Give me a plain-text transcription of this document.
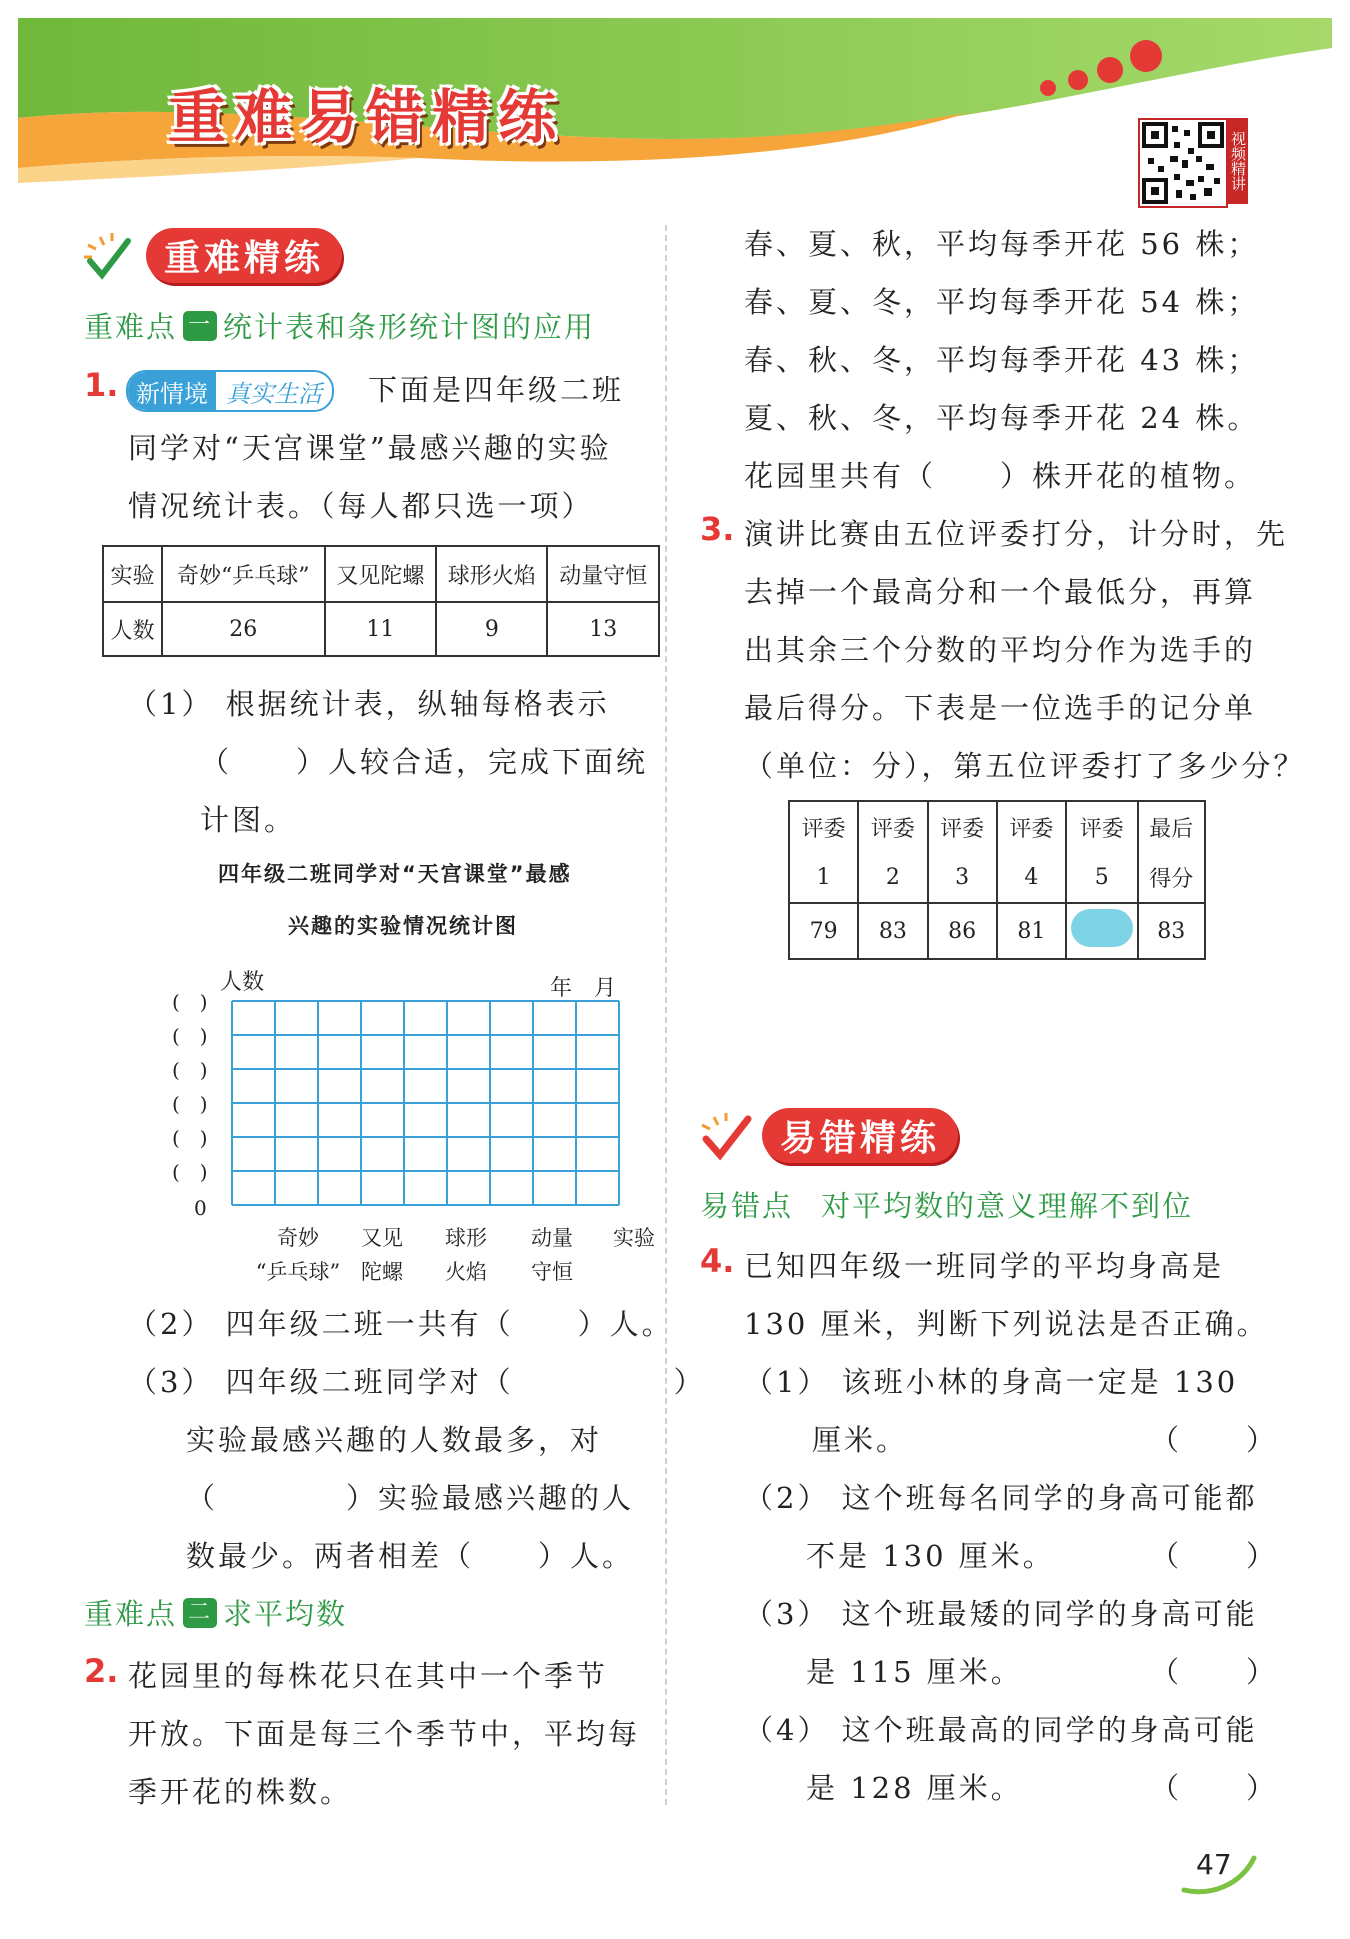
重难易错精练
视频精讲
重难精练
重难点 一 统计表和条形统计图的应用
1. 新情境 真实生活	下面是四年级二班
同学对“天宫课堂”最感兴趣的实验
情况统计表。（每人都只选一项）
实验	奇妙“乒乓球”	又见陀螺	球形火焰	动量守恒
人数	26	11	9	13
（1） 根据统计表，纵轴每格表示
（　　）人较合适，完成下面统
计图。
四年级二班同学对“天宫课堂”最感
兴趣的实验情况统计图
人数	年　月
(　)
(　)
(　)
(　)
(　)
(　)
0
奇妙
“乒乓球”
又见
陀螺
球形
火焰
动量
守恒
实验
（2） 四年级二班一共有（　　）人。
（3） 四年级二班同学对（　　　　　）
实验最感兴趣的人数最多，对
（　　　　）实验最感兴趣的人
数最少。两者相差（　　）人。
重难点 二 求平均数
2. 花园里的每株花只在其中一个季节
开放。下面是每三个季节中，平均每
季开花的株数。
春、夏、秋，平均每季开花 56 株；
春、夏、冬，平均每季开花 54 株；
春、秋、冬，平均每季开花 43 株；
夏、秋、冬，平均每季开花 24 株。
花园里共有（　　）株开花的植物。
3. 演讲比赛由五位评委打分，计分时，先
去掉一个最高分和一个最低分，再算
出其余三个分数的平均分作为选手的
最后得分。下表是一位选手的记分单
（单位：分），第五位评委打了多少分？
评委	评委	评委	评委	评委	最后
1	2	3	4	5	得分
79	83	86	81		83
易错精练
易错点 对平均数的意义理解不到位
4. 已知四年级一班同学的平均身高是
130 厘米，判断下列说法是否正确。
（1） 该班小林的身高一定是 130
厘米。	（　　）
（2） 这个班每名同学的身高可能都
不是 130 厘米。	（　　）
（3） 这个班最矮的同学的身高可能
是 115 厘米。	（　　）
（4） 这个班最高的同学的身高可能
是 128 厘米。	（　　）
47
